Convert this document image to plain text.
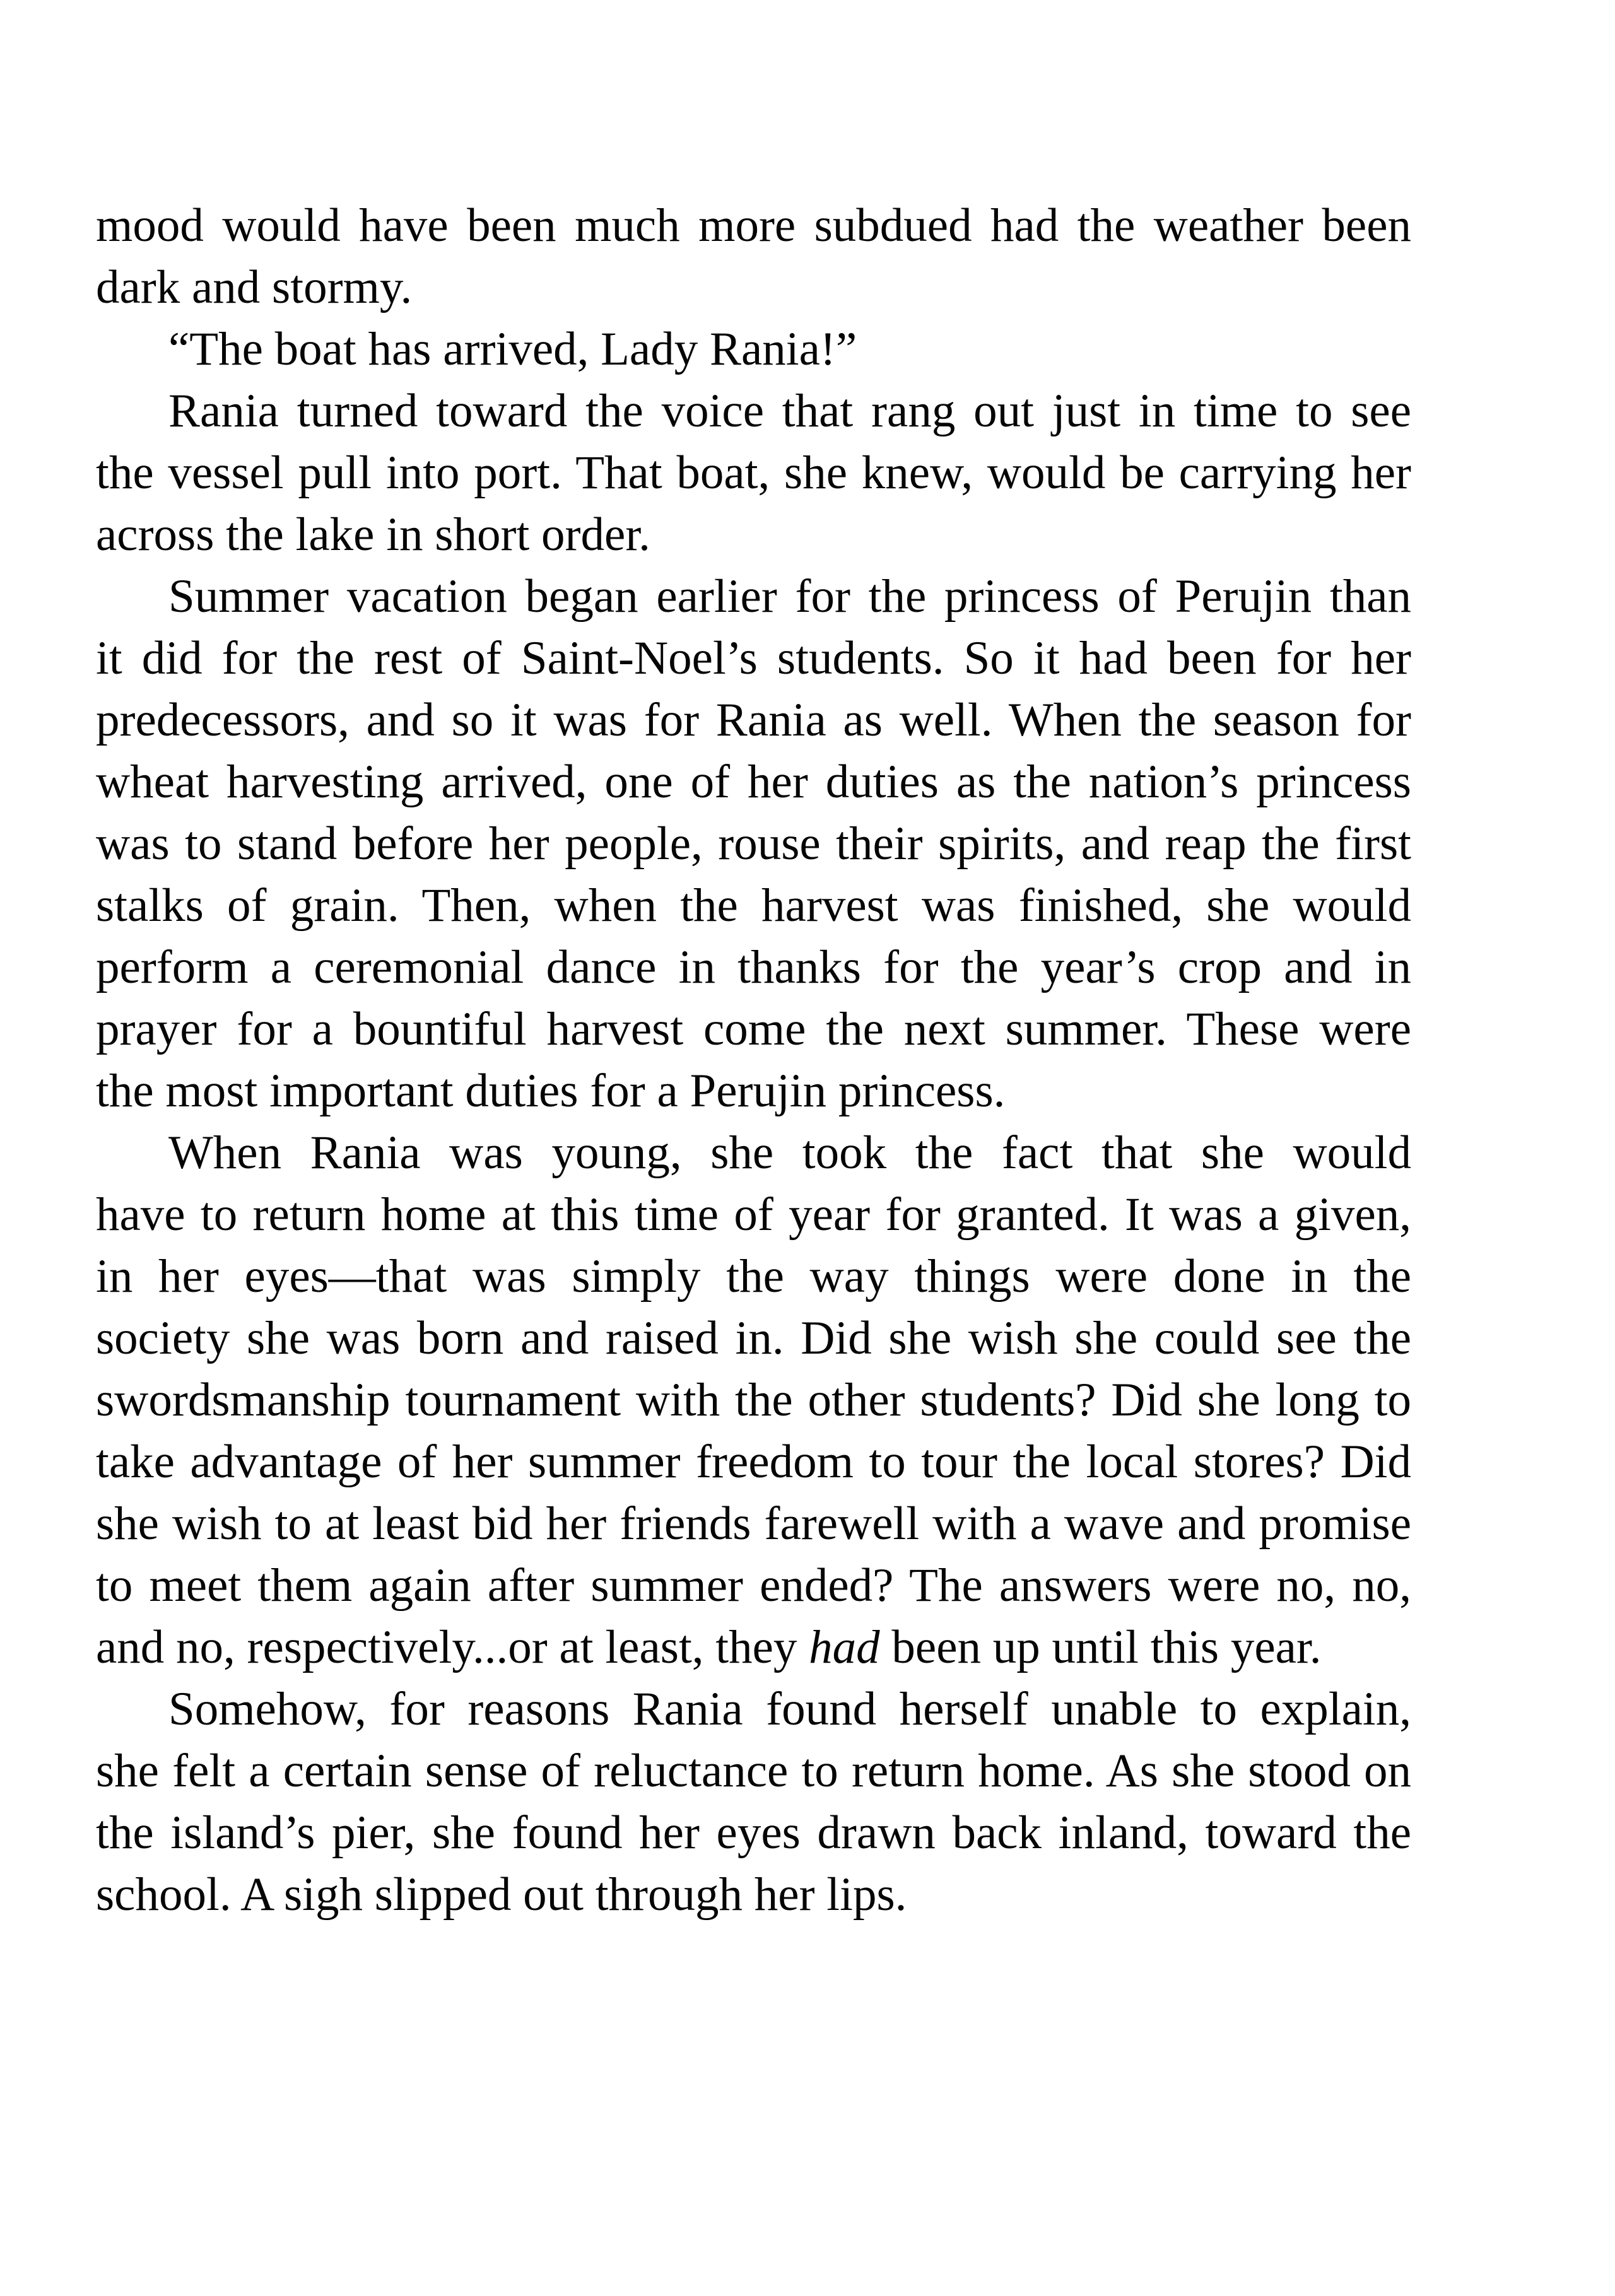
mood would have been much more subdued had the weather been
dark and stormy.
“The boat has arrived, Lady Rania!”
Rania turned toward the voice that rang out just in time to see
the vessel pull into port. That boat, she knew, would be carrying her
across the lake in short order.
Summer vacation began earlier for the princess of Perujin than
it did for the rest of Saint-Noel’s students. So it had been for her
predecessors, and so it was for Rania as well. When the season for
wheat harvesting arrived, one of her duties as the nation’s princess
was to stand before her people, rouse their spirits, and reap the first
stalks of grain. Then, when the harvest was finished, she would
perform a ceremonial dance in thanks for the year’s crop and in
prayer for a bountiful harvest come the next summer. These were
the most important duties for a Perujin princess.
When Rania was young, she took the fact that she would
have to return home at this time of year for granted. It was a given,
in her eyes—that was simply the way things were done in the
society she was born and raised in. Did she wish she could see the
swordsmanship tournament with the other students? Did she long to
take advantage of her summer freedom to tour the local stores? Did
she wish to at least bid her friends farewell with a wave and promise
to meet them again after summer ended? The answers were no, no,
and no, respectively...or at least, they had been up until this year.
Somehow, for reasons Rania found herself unable to explain,
she felt a certain sense of reluctance to return home. As she stood on
the island’s pier, she found her eyes drawn back inland, toward the
school. A sigh slipped out through her lips.
